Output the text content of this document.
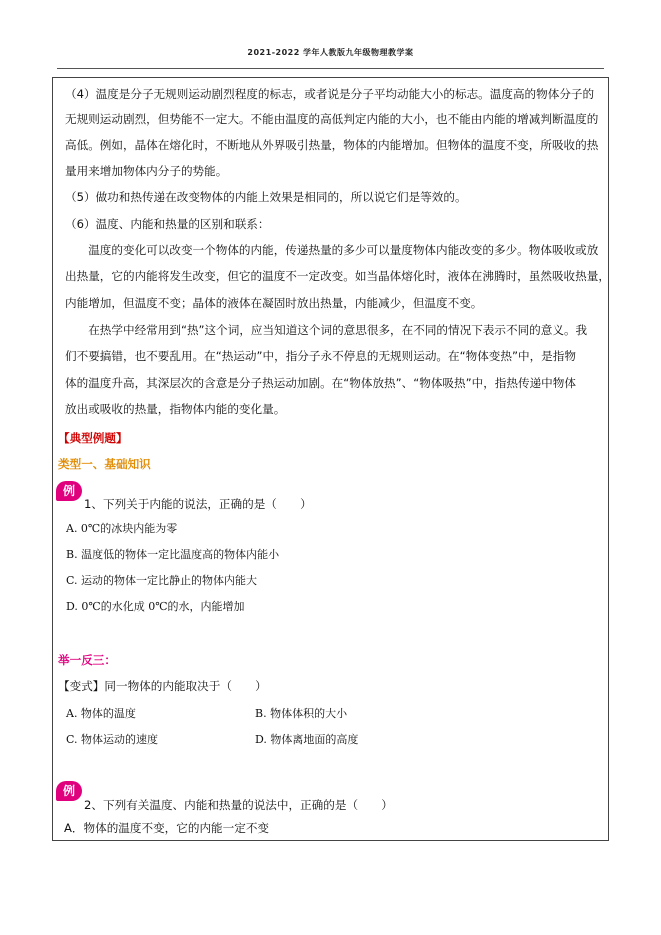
2021-2022 学年人教版九年级物理教学案
（4）温度是分子无规则运动剧烈程度的标志，或者说是分子平均动能大小的标志。温度高的物体分子的
无规则运动剧烈，但势能不一定大。不能由温度的高低判定内能的大小，也不能由内能的增减判断温度的
高低。例如，晶体在熔化时，不断地从外界吸引热量，物体的内能增加。但物体的温度不变，所吸收的热
量用来增加物体内分子的势能。
（5）做功和热传递在改变物体的内能上效果是相同的，所以说它们是等效的。
（6）温度、内能和热量的区别和联系：
　　温度的变化可以改变一个物体的内能，传递热量的多少可以量度物体内能改变的多少。物体吸收或放
出热量，它的内能将发生改变，但它的温度不一定改变。如当晶体熔化时，液体在沸腾时，虽然吸收热量，
内能增加，但温度不变；晶体的液体在凝固时放出热量，内能减少，但温度不变。
　　在热学中经常用到“热”这个词，应当知道这个词的意思很多，在不同的情况下表示不同的意义。我
们不要搞错，也不要乱用。在“热运动”中，指分子永不停息的无规则运动。在“物体变热”中，是指物
体的温度升高，其深层次的含意是分子热运动加剧。在“物体放热”、“物体吸热”中，指热传递中物体
放出或吸收的热量，指物体内能的变化量。
【典型例题】
类型一、基础知识
例
1、下列关于内能的说法，正确的是（　　）
A. 0℃的冰块内能为零
B. 温度低的物体一定比温度高的物体内能小
C. 运动的物体一定比静止的物体内能大
D. 0℃的水化成 0℃的水，内能增加
举一反三：
【变式】同一物体的内能取决于（　　）
A. 物体的温度	B. 物体体积的大小
C. 物体运动的速度	D. 物体离地面的高度
例
2、下列有关温度、内能和热量的说法中，正确的是（　　）
A．物体的温度不变，它的内能一定不变
